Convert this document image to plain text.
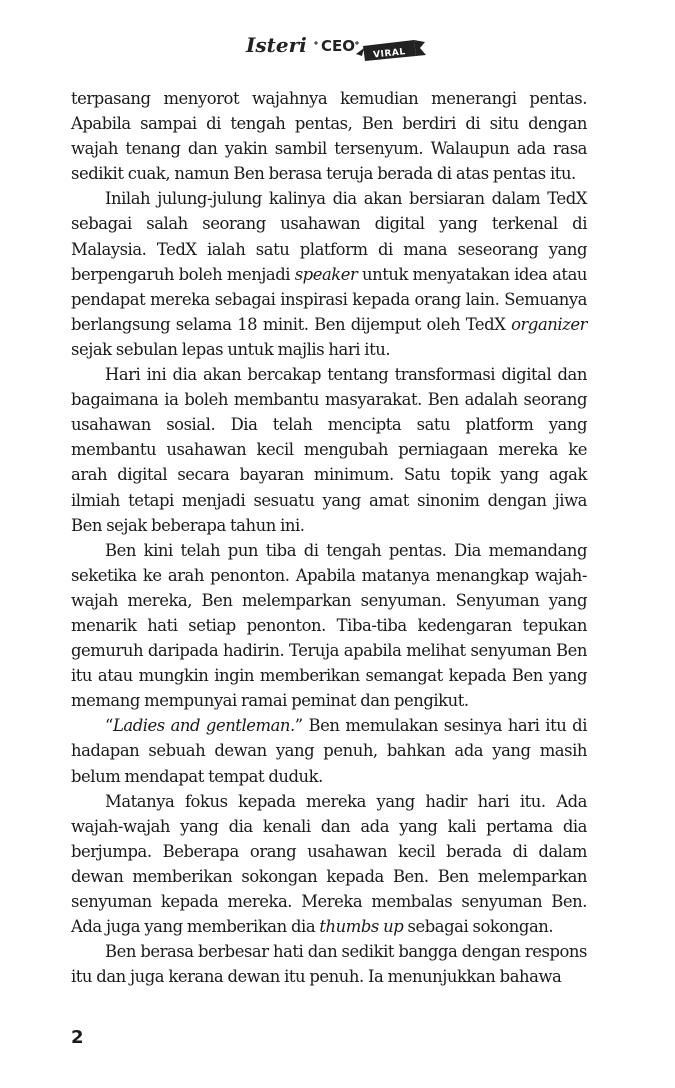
Isteri CEO VIRAL

terpasang menyorot wajahnya kemudian menerangi pentas. Apabila sampai di tengah pentas, Ben berdiri di situ dengan wajah tenang dan yakin sambil tersenyum. Walaupun ada rasa sedikit cuak, namun Ben berasa teruja berada di atas pentas itu.

Inilah julung-julung kalinya dia akan bersiaran dalam TedX sebagai salah seorang usahawan digital yang terkenal di Malaysia. TedX ialah satu platform di mana seseorang yang berpengaruh boleh menjadi speaker untuk menyatakan idea atau pendapat mereka sebagai inspirasi kepada orang lain. Semuanya berlangsung selama 18 minit. Ben dijemput oleh TedX organizer sejak sebulan lepas untuk majlis hari itu.

Hari ini dia akan bercakap tentang transformasi digital dan bagaimana ia boleh membantu masyarakat. Ben adalah seorang usahawan sosial. Dia telah mencipta satu platform yang membantu usahawan kecil mengubah perniagaan mereka ke arah digital secara bayaran minimum. Satu topik yang agak ilmiah tetapi menjadi sesuatu yang amat sinonim dengan jiwa Ben sejak beberapa tahun ini.

Ben kini telah pun tiba di tengah pentas. Dia memandang seketika ke arah penonton. Apabila matanya menangkap wajah-wajah mereka, Ben melemparkan senyuman. Senyuman yang menarik hati setiap penonton. Tiba-tiba kedengaran tepukan gemuruh daripada hadirin. Teruja apabila melihat senyuman Ben itu atau mungkin ingin memberikan semangat kepada Ben yang memang mempunyai ramai peminat dan pengikut.

“Ladies and gentleman.” Ben memulakan sesinya hari itu di hadapan sebuah dewan yang penuh, bahkan ada yang masih belum mendapat tempat duduk.

Matanya fokus kepada mereka yang hadir hari itu. Ada wajah-wajah yang dia kenali dan ada yang kali pertama dia berjumpa. Beberapa orang usahawan kecil berada di dalam dewan memberikan sokongan kepada Ben. Ben melemparkan senyuman kepada mereka. Mereka membalas senyuman Ben. Ada juga yang memberikan dia thumbs up sebagai sokongan.

Ben berasa berbesar hati dan sedikit bangga dengan respons itu dan juga kerana dewan itu penuh. Ia menunjukkan bahawa

2
